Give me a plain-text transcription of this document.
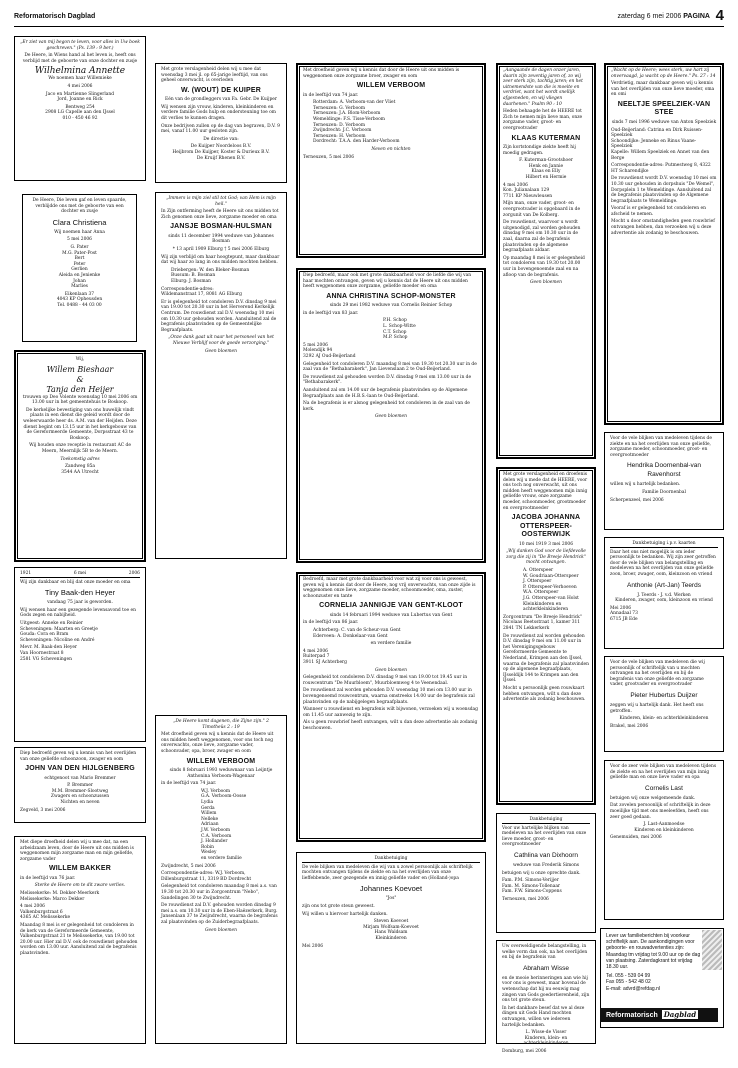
Reformatorisch Dagblad	zaterdag 6 mei 2006 PAGINA 4

„Er ziet van mij begon te leven, voor alles in Uw boek geschreven." (Ps. 139 : 9 ber.)

De Heere, in Wiens hand al het leven is, heeft ons verblijd met de geboorte van onze dochter en zusje

Wilhelmina Annette

We noemen haar Willemieke

4 mei 2006

Jaco en Martienne Slingerland
Jord, Joanne en Rick

Bentweg 254
2908 LG Capelle aan den IJssel
010 - 450 46 92

De Heere, Die leven gaf en leven spaarde, verblijdde ons met de geboorte van een dochter en zusje

Clara Christiena

Wij noemen haar Anna

5 mei 2006

G. Pater
M.G. Pater-Post
Bert
Peter
Gerlien
Aleida en Jenienke
Johan
Marlies

Eikenlaan 37
4043 KP Opheusden
Tel. 0488 - 44 03 00

Wij,

Willem Bieshaar
&
Tanja den Heijer

trouwen op Deo Volente woensdag 10 mei 2006 om 13.00 uur in het gemeentehuis te Boskoop.

De kerkelijke bevestiging van ons huwelijk vindt plaats in een dienst die geleid wordt door de weleerwaarde heer ds. A.M. van der Heijden. Deze dienst begint om 13.15 uur in het kerkgebouw van de Gereformeerde Gemeente, Dorpsstraat 43 te Boskoop.

Wij houden onze receptie in restaurant AC de Meern, Meernlijk 5B te de Meern.

Toekomstig adres

Zandweg 85a
3544 AA Utrecht

1921	6 mei	2006

Wij zijn dankbaar en blij dat onze moeder en oma

Tiny Baak-den Heyer

vandaag 75 jaar is geworden.

Wij wensen haar een gezegende levensavond toe en Gods zegen en nabijheid.

Uitgeest: Anneke en Reinier
Scheveningen: Maarten en Greetje
Gouda: Cora en Bram
Scheveningen: Nicoline en André

Mevr. M. Baak-den Heyer
Van Hoornestraat 8
2581 VG Scheveningen

Diep bedroefd geven wij u kennis van het overlijden van onze geliefde schoonzoon, zwager en oom

JOHN VAN DEN HIJLGENBERG

echtgenoot van Mario Bremmer

P. Bremmer
M.M. Bremmer-Slootweg
Zwagers en schoonzussen
Nichten en neven

Zegveld, 3 mei 2006

Met diepe droefheid delen wij u mee dat, na een arbeidzaam leven, door de Heere uit ons midden is weggenomen mijn zorgzame man en mijn geliefde, zorgzame vader

WILLEM BAKKER

in de leeftijd van 76 jaar.

Sterke de Heere om te dit zware verlies.

Melissekerke: M. Dekker-Meerkerk
Melissekerke: Marco Dekker

4 mei 2006
Valkenburgstraat 6
4365 AC Melissekerke

Maandag 8 mei is er gelegenheid tot condoleren in de kerk van de Gereformeerde Gemeente, Valkenburgstraat 21 te Melissekerke, van 19.00 tot 20.00 uur. Hier zal D.V. ook de rouwdienst gehouden worden om 13.00 uur. Aansluitend zal de begrafenis plaatsvinden.

Met grote verslagenheid delen wij u mee dat woensdag 3 mei jl. op 65-jarige leeftijd, van ons geheel onverwacht, is overleden

W. (WOUT) DE KUIPER

Eén van de grondleggers van Fa. Gebr. De Kuijper

Wij wensen zijn vrouw, kinderen, kleinkinderen en verdere familie Gods hulp en ondersteuning toe om dit verlies te kunnen dragen.

Onze bedrijven zullen op de dag van begraven, D.V. 9 mei, vanaf 11.00 uur gesloten zijn.

De directie van:

De Kuijper Noordeloos B.V.
Heijbrom De Kuijper, Koster & Durieux B.V.
De Kruijf Rhenen B.V.

„Immers is mijn ziel stil tot God; van Hem is mijn heil."

In Zijn ontferming heeft de Heere uit ons midden tot Zich genomen onze lieve, zorgzame moeder en oma

JANSJE BOSMAN-HULSMAN

sinds 11 december 1994 weduwe van Johannes Bosman

* 13 april 1909 Elburg † 5 mei 2006 Elburg

Wij zijn verblijd om haar hoogtepunt, maar dankbaar dat wij haar zo lang in ons midden mochten hebben.

Driebergen: W. den Bleker-Bosman
Bussum: B. Bosman
Elburg: J. Bosman

Correspondentie-adres:
Wildemanstraat 17, 8081 AG Elburg

Er is gelegenheid tot condoleren D.V. dinsdag 9 mei van 19.00 tot 20.30 uur in het Herverend Kerkelijk Centrum. De rouwdienst zal D.V. woensdag 10 mei om 10.30 uur gehouden worden. Aansluitend zal de begrafenis plaatsvinden op de Gemeentelijke Begraafplaats.

„Onze dank gaat uit naar het personeel van het Nieuwe Verblijf voor de goede verzorging."

Geen bloemen

„De Heere komt dagenen, die Zijne zijn." 2 Timotheüs 2 : 19

Met droefheid geven wij u kennis dat de Heere uit ons midden heeft weggenomen, voor ons toch nog onverwachts, onze lieve, zorgzame vader, schoonvader, opa, broer, zwager en oom

WILLEM VERBOOM

sinds 8 februari 1993 weduwnaar van Leijntje Anthonina Verboom-Wagenaar

in de leeftijd van 74 jaar.

W.J. Verboom
G.A. Verboom-Oosse
Lydia
Gerda
Willem
Nelleke
Adriaan
J.W. Verboom
C.A. Verboom
J. Hollander
Robin
Wesley
en verdere familie

Zwijndrecht, 5 mei 2006

Correspondentie-adres: W.J. Verboom, Dillenburgstraat 11, 3319 BD Dordrecht

Gelegenheid tot condoleren maandag 8 mei a.s. van 19.30 tot 20.30 uur in Zorgcentrum "Nebo", Sandelingen 30 te Zwijndrecht.

De rouwdienst zal D.V. gehouden worden dinsdag 9 mei a.s. om 10.30 uur in de Eben-Haëzerkerk, Burg. Jansenlaan 37 te Zwijndrecht, waarna de begrafenis zal plaatsvinden op de Zuiderbegraafplaats.

Geen bloemen

Met droefheid geven wij u kennis dat door de Heere uit ons midden is weggenomen onze zorgzame broer, zwager en oom

WILLEM VERBOOM

in de leeftijd van 74 jaar.

Rotterdam: A. Verboom-van der Vliet
Terneuzen: G. Verboom
Terneuzen: J.A. Blom-Verboom
Wemeldinge: F.S. Tisse-Verboom
Terneuzen: D. Verboom
Zwijndrecht: J.C. Verboom
Terneuzen: H. Verboom
Dordrecht: T.A.A. den Harder-Verboom

Neven en nichten

Terneuzen, 5 mei 2006

Diep bedroefd, maar ook met grote dankbaarheid voor de liefde die wij van haar mochten ontvangen, geven wij u kennis dat de Heere uit ons midden heeft weggenomen onze zorgzame, geliefde moeder en oma

ANNA CHRISTINA SCHOP-MONSTER

sinds 29 mei 1982 weduwe van Cornelis Reinier Schop

in de leeftijd van 83 jaar.

P.H. Schop
L. Schop-Witte
C.T. Schop
M.P. Schop

5 mei 2006
Molendijk 94
3292 AJ Oud-Beijerland

Gelegenheid tot condoleren D.V. maandag 8 mei van 19.30 tot 20.30 uur in de zaal van de "Bethabarakerk", Jan Lievenslaan 2 te Oud-Beijerland.

De rouwdienst zal gehouden worden D.V. dinsdag 9 mei om 13.00 uur in de "Bethabarakerk".

Aansluitend zal om 14.00 uur de begrafenis plaatsvinden op de Algemene Begraafplaats aan de H.B.S.-laan te Oud-Beijerland.

Na de begrafenis is er alsnog gelegenheid tot condoleren in de zaal van de kerk.

Geen bloemen

Bedroefd, maar met grote dankbaarheid voor wat zij voor ons is geweest, geven wij u kennis dat door de Heere, nog vrij onverwachts, van onze zijde is weggenomen onze lieve, zorgzame moeder, schoonmoeder, oma, zuster, schoonzuster en tante

CORNELIA JANNIGJE VAN GENT-KLOOT

sinds 14 februari 1994 weduwe van Lubertus van Gent

in de leeftijd van 86 jaar.

Achterberg: C. van de Scheur-van Gent
Ederveen: A. Donkelaar-van Gent

en verdere familie

4 mei 2006
Ruiterpad 7
3911 SJ Achterberg

Geen bloemen

Gelegenheid tot condoleren D.V. dinsdag 9 mei van 19.00 tot 19.45 uur in rouwcentrum "De Muurbloem", Muurbloemweg 4 te Veenendaal.

De rouwdienst zal worden gehouden D.V. woensdag 10 mei om 13.00 uur in bovengenoemd rouwcentrum, waarna omstreeks 14.00 uur de begrafenis zal plaatsvinden op de nabijgelegen begraafplaats.

Wanneer u rouwdienst en begrafenis wilt bijwonen, verzoeken wij u woensdag om 11.45 uur aanwezig te zijn.

Als u geen rouwbrief heeft ontvangen, wilt u dan deze advertentie als zodanig beschouwen.

Dankbetuiging

De vele blijken van medeleven die wij van u zowel persoonlijk als schriftelijk mochten ontvangen tijdens de ziekte en na het overlijden van onze lieffebbende, zeer gezegende en innig geliefde vader en (Holland-)opa

Johannes Koevoet

"Jos"

zijn ons tot grote steun geweest.

Wij willen u hiervoor hartelijk danken.

Steven Koevoet
Mirjam Wolfsam-Koevoet
Hans Waldsam
Kleinkinderen

Mei 2006

„Aangaande de dagen onzer jaren, daarin zijn zeventig jaren of, zo wij zeer sterk zijn, tachtig jaren; en het uitnemendste van die is moeite en verdriet, want het wordt snellijk afgesneden, en wij vliegen daarhenen." Psalm 90 : 10

Heden behaagde het de HEERE tot Zich te nemen mijn lieve man, onze zorgzame vader, groot- en overgrootvader

KLAAS KUTERMAN

Zijn kortstondige ziekte heeft hij moedig gedragen.

F. Kuterman-Grootshoer
Henk en Jannie
Klaas en Elly
Hilbert en Hermie

4 mei 2006
Kon. Julianalaan 129
7711 KP Nieuwleusen

Mijn man, onze vader, groot- en overgrootvader is opgebaard in de zorgunit van De Kolberg.

De rouwdienst, waarvoor u wordt uitgenodigd, zal worden gehouden dinsdag 9 mei om 10.30 uur in de zaal, daarna zal de begrafenis plaatsvinden op de algemene begraafplaats aldaar.

Op maandag 8 mei is er gelegenheid tot condoleren van 19.30 tot 20.00 uur in bovengenoemde zaal en na afloop van de begrafenis.

Geen bloemen

Met grote verslagenheid en droefenis delen wij u mede dat de HEERE, voor ons toch nog onverwacht, uit ons midden heeft weggenomen mijn innig geliefde vrouw, onze zorgzame moeder, schoonmoeder, grootmoeder en overgrootmoeder

JACOBA JOHANNA OTTERSPEER-OOSTERWIJK

10 mei 1919 3 mei 2006

„Wij danken God voor de liefdevolle zorg die zij in "De Breeje Hendrick" mocht ontvangen.

A. Otterspeer
W. Goudriaan-Otterspeer
J. Otterspeer
P. Otterspeer-Verhoeven
W.A. Otterspeer
J.G. Otterspeer-van Holst
Kleinkinderen en achterkleinkinderen

Zorgcentrum "De Breeje Hendrick"
Nicolaas Beetsstraat 1, kamer 311
2841 TN Lekkerkerk

De rouwdienst zal worden gehouden D.V. dinsdag 9 mei om 11.00 uur in het Verenigingsgebouw Gereformeerde Gemeente te Nederland, Krimpen aan den IJssel, waarna de begrafenis zal plaatsvinden op de algemene begraafplaats, IJsseldijk 144 te Krimpen aan den IJssel.

Mocht u persoonlijk geen rouwkaart hebben ontvangen, wilt u dan deze advertentie als zodanig beschouwen.

Dankbetuiging

Voor uw hartelijke blijken van medeleven na het overlijden van onze lieve moeder, groot- en overgrootmoeder

Cathlina van Dixhoorn

weduwe van Frederik Simons

betuigen wij u onze oprechte dank.

Fam. P.M. Simons-Verijjer
Fam. M. Simons-Tollenaar
Fam. F.W. Simons-Coppens

Terneuzen, mei 2006

Uw overweldigende belangstelling, in welke vorm dan ook, na het overlijden en bij de begrafenis van

Abraham Wisse

en de mooie herinneringen aan wie hij voor ons is geweest, maar bovenal de wetenschap dat hij nu eeuwig mag zingen van Gods goedertierenheid, zijn ons tot grote steun.

In het dankbare besef dat we al deze dingen uit Gods Hand mochten ontvangen, willen we iedereen hartelijk bedanken.

L. Wisse-de Visser
Kinderen, klein- en achterkleinkinderen

Domburg, mei 2006

„Wacht op de Heere; wees sterk, uw hart zij onvervaagd, ja wacht op de Heere." Ps. 27 : 14

Verdrietig, maar dankbaar geven wij u kennis van het overlijden van onze lieve moeder, oma en omi

NEELTJE SPEELZIEK-VAN STEE

sinds 7 mei 1996 weduwe van Anton Speelziek

Oud-Beijerland: Catrina en Dirk Ruissen-Speelziek
Schoondijke: Jenneke en Rinus Vaane-Speelziek
Kapelle: Willem Speelziek en Annet van den Berge

Correspondentie-adres: Putmestweg 8, 4322 HT Scharendijke

De rouwdienst wordt D.V. woensdag 10 mei om 10.30 uur gehouden in dorpshuis "De Wemel", Dorpsplein 1 te Wemeldinge. Aansluitend zal de begrafenis plaatsvinden op de Algemene begraafplaats te Wemeldinge.

Vooraf is er gelegenheid tot condoleren en afscheid te nemen.

Mocht u door omstandigheden geen rouwbrief ontvangen hebben, dan verzoeken wij u deze advertentie als zodanig te beschouwen.

Voor de vele blijken van medeleven tijdens de ziekte en na het overlijden van onze geliefde, zorgzame moeder, schoonmoeder, groot- en overgrootmoeder

Hendrika Doornenbal-van Ravenhorst

willen wij u hartelijk bedanken.

Familie Doornenbal

Scherpenzeel, mei 2006

Dankbetuiging i.p.v. kaarten

Daar het ons niet mogelijk is om ieder persoonlijk te bedanken. Wij zijn zeer getroffen door de vele blijken van belangstelling en medeleven na het overlijden van onze geliefde zoon, broer, zwager, oom, kleinzoon en vriend

Anthonie (Art-Jan) Teerds

J. Teerds - J. v.d. Werken
Kinderen, zwager, oom, kleinzoon en vriend

Mei 2006
Annadaal 73
6715 JB Ede

Voor de vele blijken van medeleven die wij persoonlijk of schriftelijk van u mochten ontvangen na het overlijden en bij de begrafenis van onze geliefde en zorgzame vader, grootvader en overgrootvader

Pieter Hubertus Duijzer

zeggen wij u hartelijk dank. Het heeft ons getroffen.

Kinderen, klein- en achterkleinkinderen

Brakel, mei 2006

Voor de zeer vele blijken van medeleven tijdens de ziekte en na het overlijden van mijn innig geliefde man en onze lieve vader en opa

Cornelis Last

betuigen wij onze welgemeende dank.

Dat zovelen persoonlijk of schriftelijk in deze moeilijke tijd met ons meeleefden, heeft ons zeer goed gedaan.

J. Last-Aanmoedse
Kinderen en kleinkinderen

Genemuiden, mei 2006

Lever uw familieberichten bij voorkeur schriftelijk aan. De aankondigingen voor geboorte- en rouwadvertenties zijn: Maandag tm vrijdag tot 9.00 uur op de dag van plaatsing. Zaterdagkrant tot vrijdag 18.30 uur.

Tel. 055 - 539 04 99
Fax 055 - 542 48 02
E-mail: advrd@refdag.nl

Reformatorisch Dagblad
